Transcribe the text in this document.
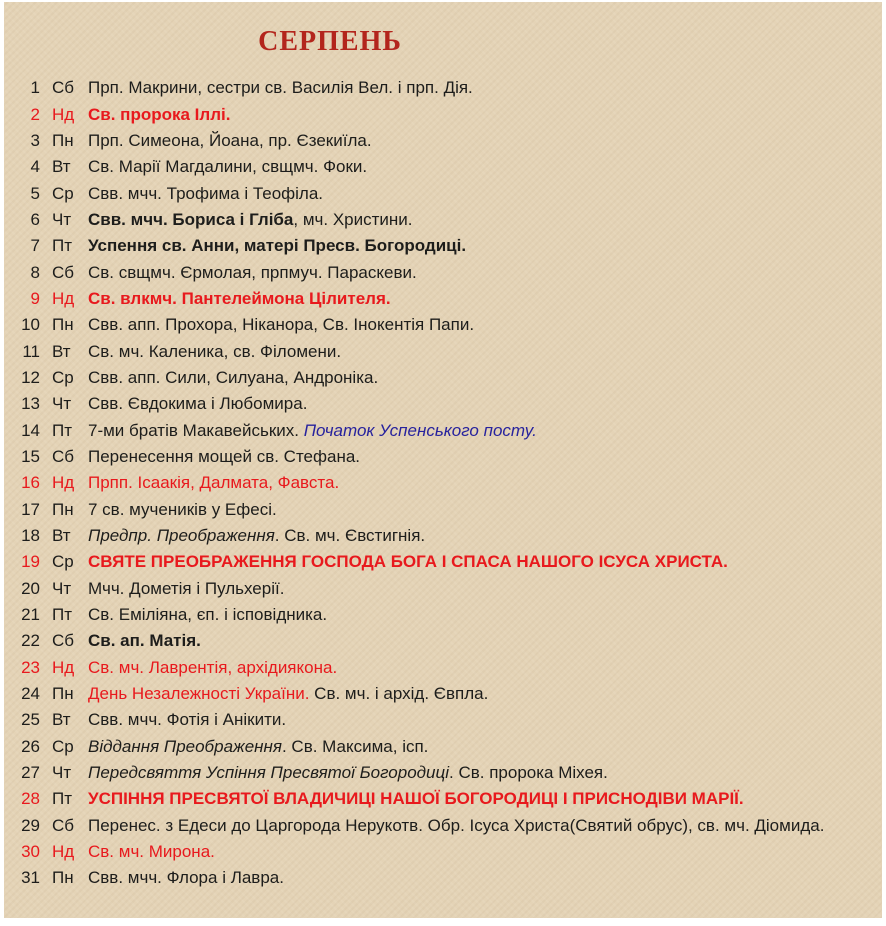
СЕРПЕНЬ
1 Сб Прп. Макрини, сестри св. Василія Вел. і прп. Дія.
2 Нд Св. пророка Іллі.
3 Пн Прп. Симеона, Йоана, пр. Єзекиїла.
4 Вт	Св. Марії Магдалини, свщмч. Фоки.
5 Ср Свв. мчч. Трофима і Теофіла.
6 Чт Свв. мчч. Бориса і Гліба, мч. Христини.
7 Пт Успення св. Анни, матері Пресв. Богородиці.
8 Сб Св. свщмч. Єрмолая, прпмуч. Параскеви.
9 Нд Св. влкмч. Пантелеймона Цілителя.
10 Пн Свв. апп. Прохора, Ніканора, Св. Інокентія Папи.
11 Вт	Св. мч. Каленика, св. Філомени.
12 Ср Свв. апп. Сили, Силуана, Андроніка.
13 Чт Свв. Євдокима і Любомира.
14 Пт 7-ми братів Макавейських. Початок Успенського посту.
15 Сб Перенесення мощей св. Стефана.
16 Нд Прпп. Ісаакія, Далмата, Фавста.
17 Пн 7 св. мучеників у Ефесі.
18 Вт	Предпр. Преображення. Св. мч. Євстигнія.
19 Ср СВЯТЕ ПРЕОБРАЖЕННЯ ГОСПОДА БОГА І СПАСА НАШОГО ІСУСА ХРИСТА.
20 Чт Мчч. Дометія і Пульхерії.
21 Пт Св. Еміліяна, єп. і ісповідника.
22 Сб Св. ап. Матія.
23 Нд Св. мч. Лаврентія, архідиякона.
24 Пн День Незалежності України. Св. мч. і архід. Євпла.
25 Вт	Свв. мчч. Фотія і Анікити.
26 Ср Віддання Преображення. Св. Максима, ісп.
27 Чт Передсвяття Успіння Пресвятої Богородиці. Св. пророка Міхея.
28 Пт УСПІННЯ ПРЕСВЯТОЇ ВЛАДИЧИЦІ НАШОЇ БОГОРОДИЦІ І ПРИСНОДІВИ МАРІЇ.
29 Сб Перенес. з Едеси до Царгорода Нерукотв. Обр. Ісуса Христа(Святий обрус), св. мч. Діомида.
30 Нд Св. мч. Мирона.
31 Пн Свв. мчч. Флора і Лавра.
